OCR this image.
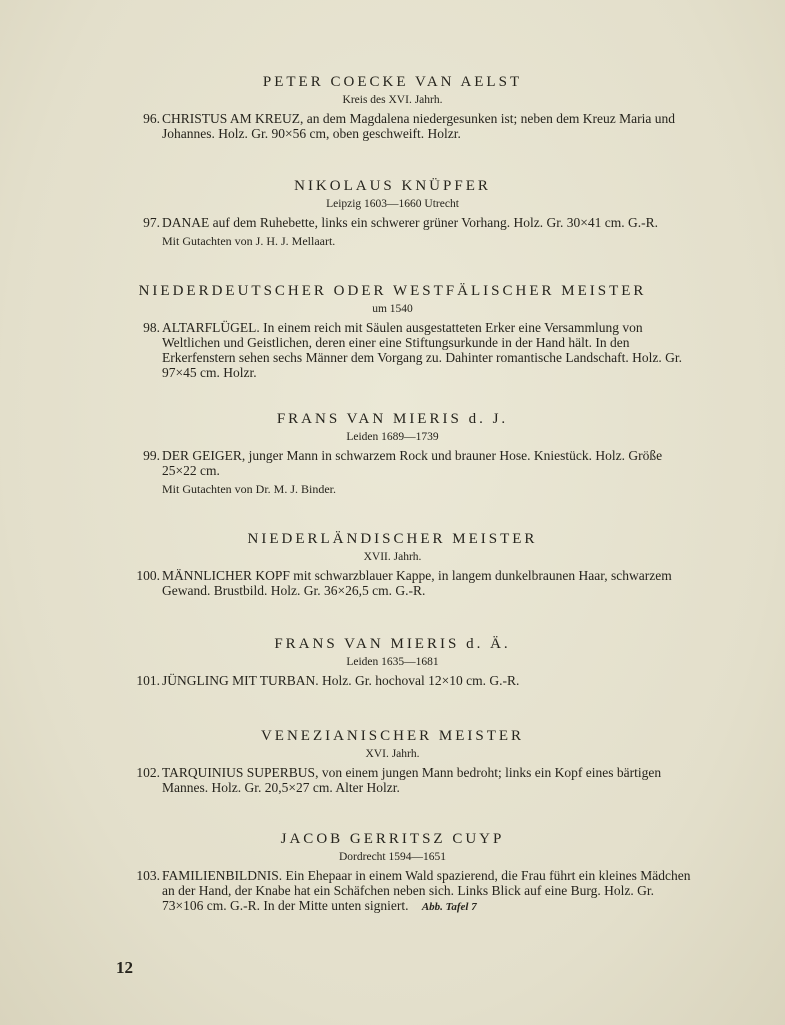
PETER COECKE VAN AELST

Kreis des XVI. Jahrh.

96. CHRISTUS AM KREUZ, an dem Magdalena niedergesunken ist; neben dem Kreuz Maria und Johannes. Holz. Gr. 90×56 cm, oben geschweift. Holzr.

NIKOLAUS KNÜPFER

Leipzig 1603—1660 Utrecht

97. DANAE auf dem Ruhebette, links ein schwerer grüner Vorhang. Holz. Gr. 30×41 cm. G.-R.
Mit Gutachten von J. H. J. Mellaart.

NIEDERDEUTSCHER ODER WESTFÄLISCHER MEISTER

um 1540

98. ALTARFLÜGEL. In einem reich mit Säulen ausgestatteten Erker eine Versammlung von Weltlichen und Geistlichen, deren einer eine Stiftungsurkunde in der Hand hält. In den Erkerfenstern sehen sechs Männer dem Vorgang zu. Dahinter romantische Landschaft. Holz. Gr. 97×45 cm. Holzr.

FRANS VAN MIERIS d. J.

Leiden 1689—1739

99. DER GEIGER, junger Mann in schwarzem Rock und brauner Hose. Kniestück. Holz. Größe 25×22 cm.
Mit Gutachten von Dr. M. J. Binder.

NIEDERLÄNDISCHER MEISTER

XVII. Jahrh.

100. MÄNNLICHER KOPF mit schwarzblauer Kappe, in langem dunkelbraunen Haar, schwarzem Gewand. Brustbild. Holz. Gr. 36×26,5 cm. G.-R.

FRANS VAN MIERIS d. Ä.

Leiden 1635—1681

101. JÜNGLING MIT TURBAN. Holz. Gr. hochoval 12×10 cm. G.-R.

VENEZIANISCHER MEISTER

XVI. Jahrh.

102. TARQUINIUS SUPERBUS, von einem jungen Mann bedroht; links ein Kopf eines bärtigen Mannes. Holz. Gr. 20,5×27 cm. Alter Holzr.

JACOB GERRITSZ CUYP

Dordrecht 1594—1651

103. FAMILIENBILDNIS. Ein Ehepaar in einem Wald spazierend, die Frau führt ein kleines Mädchen an der Hand, der Knabe hat ein Schäfchen neben sich. Links Blick auf eine Burg. Holz. Gr. 73×106 cm. G.-R. In der Mitte unten signiert. Abb. Tafel 7
12
